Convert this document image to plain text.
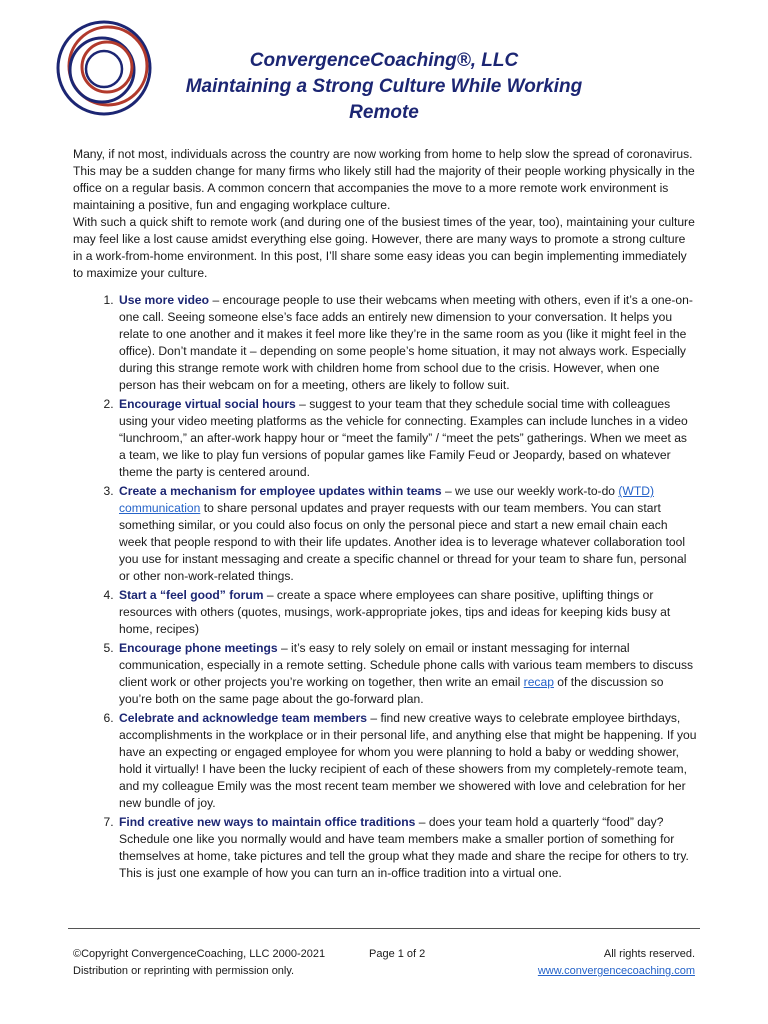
ConvergenceCoaching®, LLC
Maintaining a Strong Culture While Working
Remote

Many, if not most, individuals across the country are now working from home to help slow the spread of coronavirus. This may be a sudden change for many firms who likely still had the majority of their people working physically in the office on a regular basis. A common concern that accompanies the move to a more remote work environment is maintaining a positive, fun and engaging workplace culture.

With such a quick shift to remote work (and during one of the busiest times of the year, too), maintaining your culture may feel like a lost cause amidst everything else going. However, there are many ways to promote a strong culture in a work-from-home environment. In this post, I’ll share some easy ideas you can begin implementing immediately to maximize your culture.

1. Use more video – encourage people to use their webcams when meeting with others, even if it’s a one-on-one call. Seeing someone else’s face adds an entirely new dimension to your conversation. It helps you relate to one another and it makes it feel more like they’re in the same room as you (like it might feel in the office). Don’t mandate it – depending on some people’s home situation, it may not always work. Especially during this strange remote work with children home from school due to the crisis. However, when one person has their webcam on for a meeting, others are likely to follow suit.
2. Encourage virtual social hours – suggest to your team that they schedule social time with colleagues using your video meeting platforms as the vehicle for connecting. Examples can include lunches in a video “lunchroom,” an after-work happy hour or “meet the family” / “meet the pets” gatherings. When we meet as a team, we like to play fun versions of popular games like Family Feud or Jeopardy, based on whatever theme the party is centered around.
3. Create a mechanism for employee updates within teams – we use our weekly work-to-do (WTD) communication to share personal updates and prayer requests with our team members. You can start something similar, or you could also focus on only the personal piece and start a new email chain each week that people respond to with their life updates. Another idea is to leverage whatever collaboration tool you use for instant messaging and create a specific channel or thread for your team to share fun, personal or other non-work-related things.
4. Start a “feel good” forum – create a space where employees can share positive, uplifting things or resources with others (quotes, musings, work-appropriate jokes, tips and ideas for keeping kids busy at home, recipes)
5. Encourage phone meetings – it’s easy to rely solely on email or instant messaging for internal communication, especially in a remote setting. Schedule phone calls with various team members to discuss client work or other projects you’re working on together, then write an email recap of the discussion so you’re both on the same page about the go-forward plan.
6. Celebrate and acknowledge team members – find new creative ways to celebrate employee birthdays, accomplishments in the workplace or in their personal life, and anything else that might be happening. If you have an expecting or engaged employee for whom you were planning to hold a baby or wedding shower, hold it virtually! I have been the lucky recipient of each of these showers from my completely-remote team, and my colleague Emily was the most recent team member we showered with love and celebration for her new bundle of joy.
7. Find creative new ways to maintain office traditions – does your team hold a quarterly “food” day? Schedule one like you normally would and have team members make a smaller portion of something for themselves at home, take pictures and tell the group what they made and share the recipe for others to try. This is just one example of how you can turn an in-office tradition into a virtual one.
©Copyright ConvergenceCoaching, LLC 2000-2021
Distribution or reprinting with permission only.
Page 1 of 2	All rights reserved.
www.convergencecoaching.com
